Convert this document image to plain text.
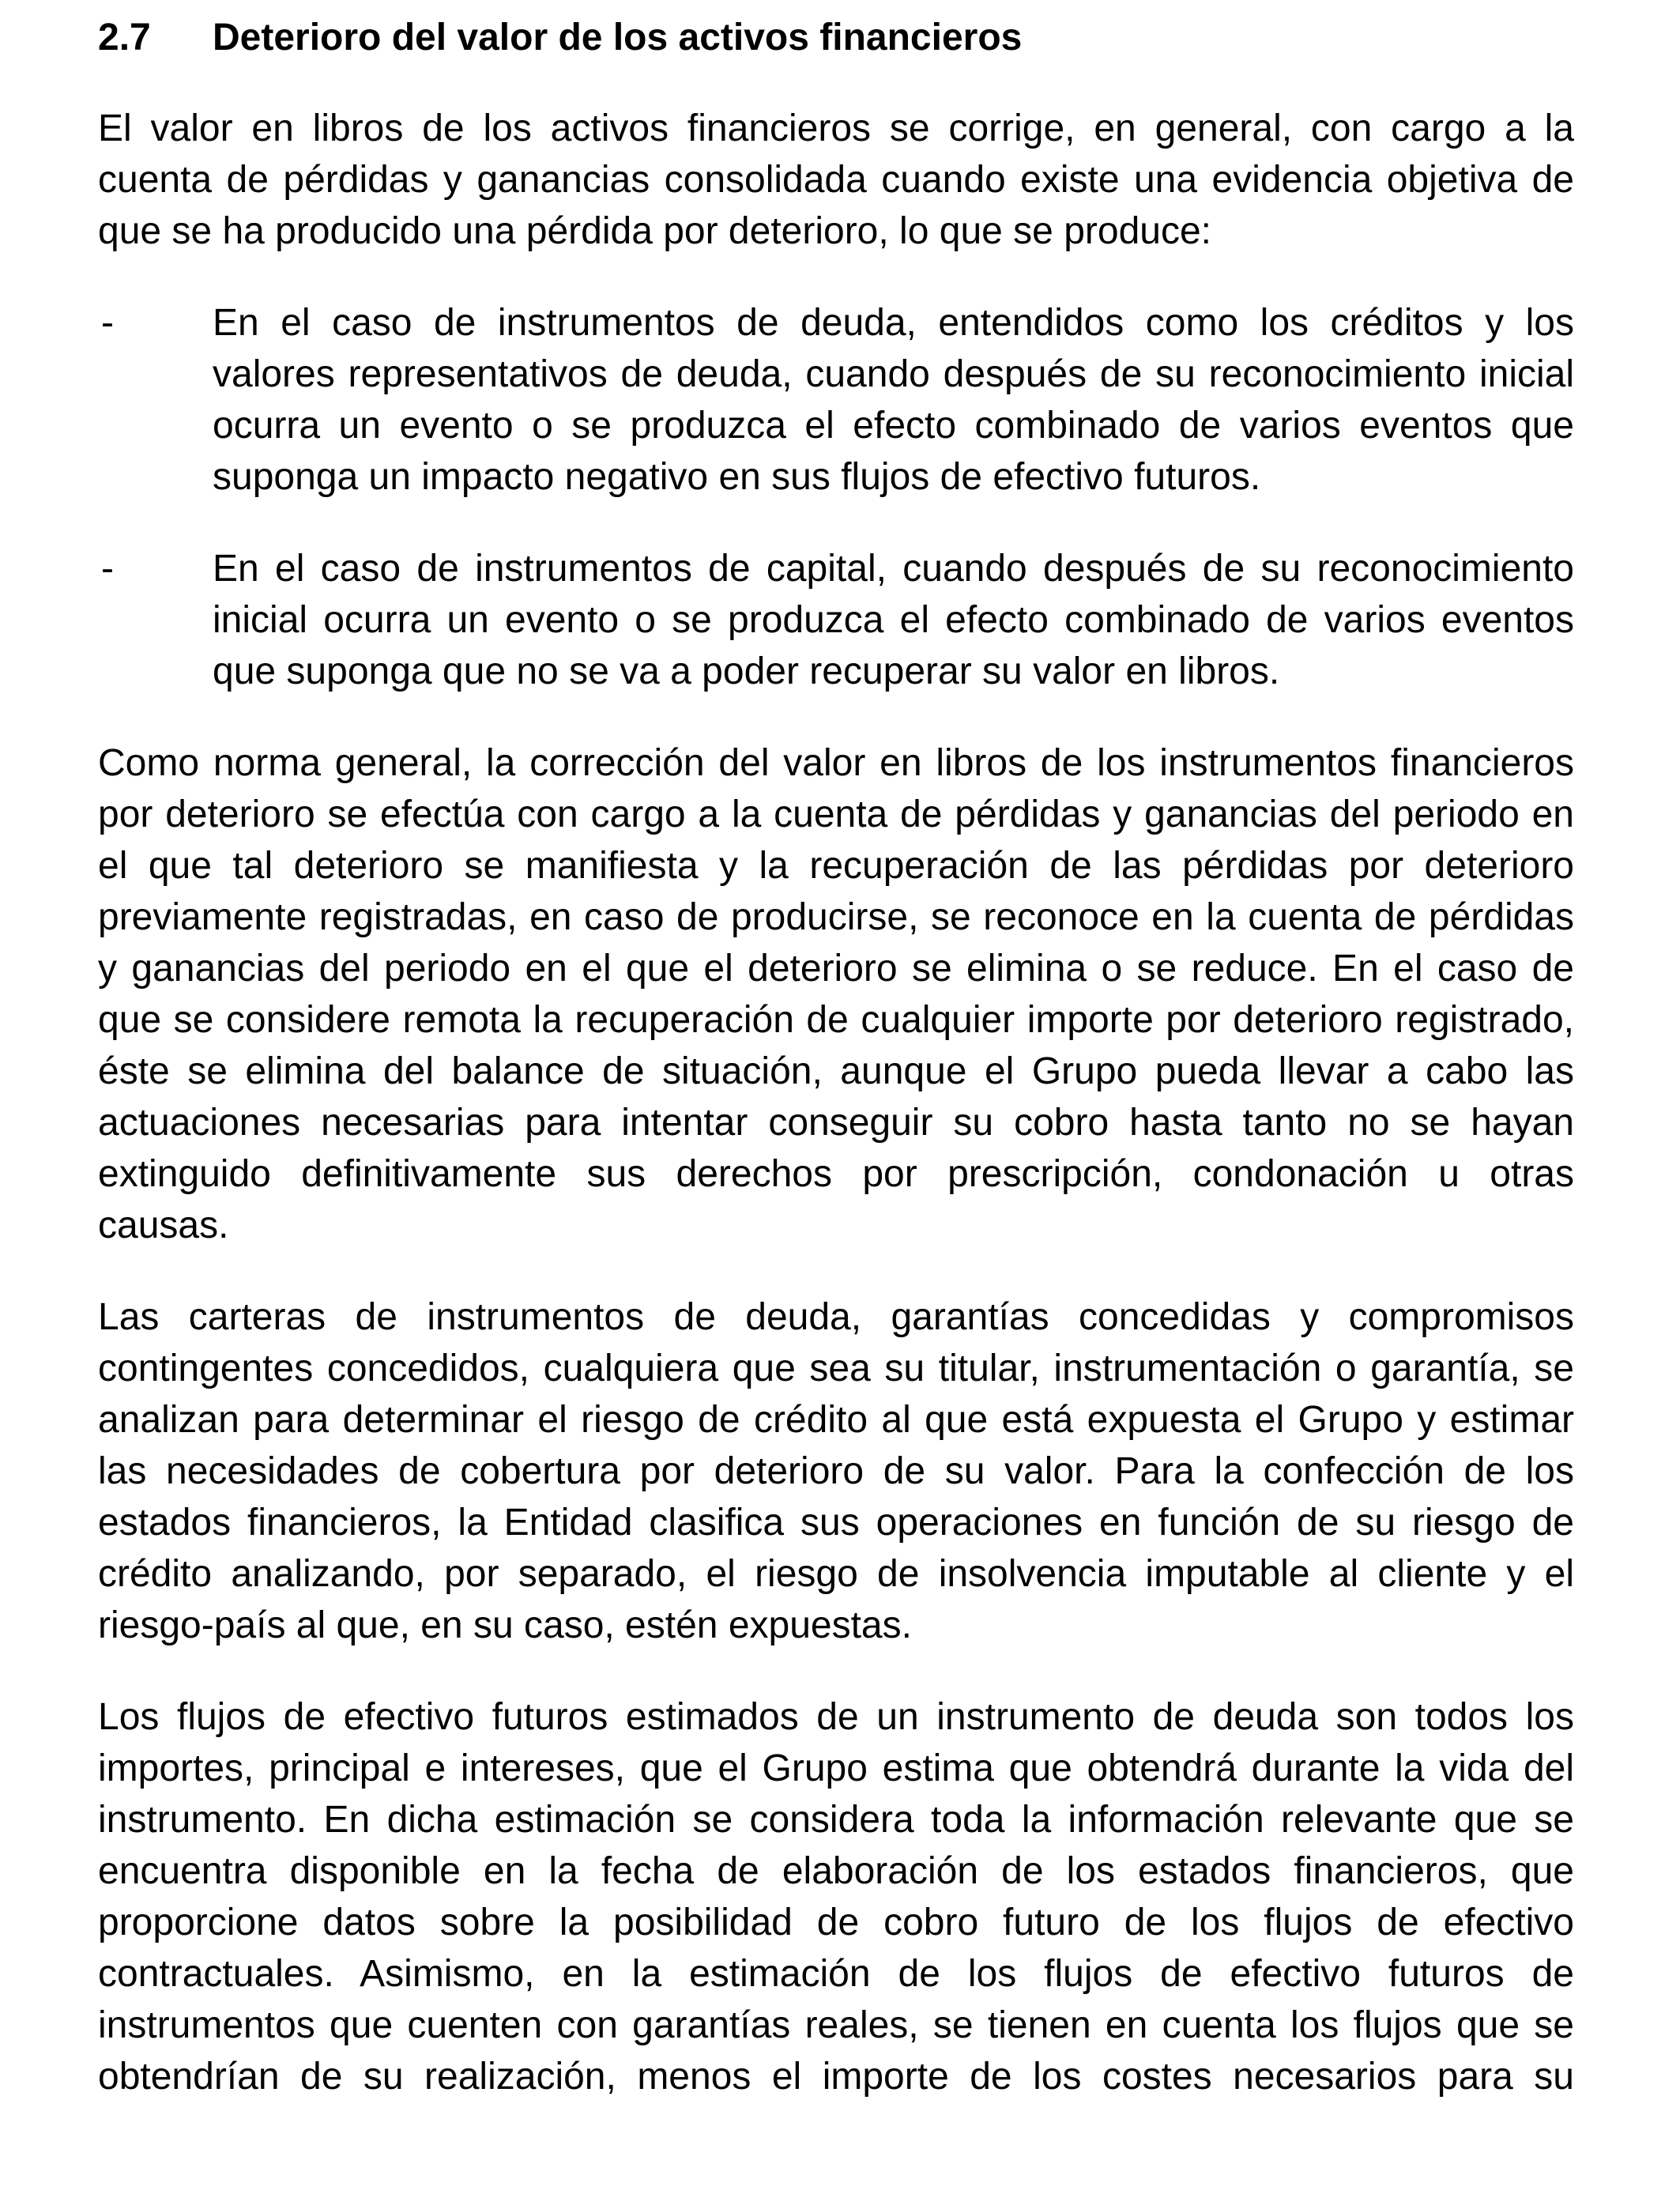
2.7	Deterioro del valor de los activos financieros
El valor en libros de los activos financieros se corrige, en general, con cargo a la
cuenta de pérdidas y ganancias consolidada cuando existe una evidencia objetiva de
que se ha producido una pérdida por deterioro, lo que se produce:
-	En el caso de instrumentos de deuda, entendidos como los créditos y los
valores representativos de deuda, cuando después de su reconocimiento inicial
ocurra un evento o se produzca el efecto combinado de varios eventos que
suponga un impacto negativo en sus flujos de efectivo futuros.
-	En el caso de instrumentos de capital, cuando después de su reconocimiento
inicial ocurra un evento o se produzca el efecto combinado de varios eventos
que suponga que no se va a poder recuperar su valor en libros.
Como norma general, la corrección del valor en libros de los instrumentos financieros
por deterioro se efectúa con cargo a la cuenta de pérdidas y ganancias del periodo en
el que tal deterioro se manifiesta y la recuperación de las pérdidas por deterioro
previamente registradas, en caso de producirse, se reconoce en la cuenta de pérdidas
y ganancias del periodo en el que el deterioro se elimina o se reduce. En el caso de
que se considere remota la recuperación de cualquier importe por deterioro registrado,
éste se elimina del balance de situación, aunque el Grupo pueda llevar a cabo las
actuaciones necesarias para intentar conseguir su cobro hasta tanto no se hayan
extinguido definitivamente sus derechos por prescripción, condonación u otras
causas.
Las carteras de instrumentos de deuda, garantías concedidas y compromisos
contingentes concedidos, cualquiera que sea su titular, instrumentación o garantía, se
analizan para determinar el riesgo de crédito al que está expuesta el Grupo y estimar
las necesidades de cobertura por deterioro de su valor. Para la confección de los
estados financieros, la Entidad clasifica sus operaciones en función de su riesgo de
crédito analizando, por separado, el riesgo de insolvencia imputable al cliente y el
riesgo-país al que, en su caso, estén expuestas.
Los flujos de efectivo futuros estimados de un instrumento de deuda son todos los
importes, principal e intereses, que el Grupo estima que obtendrá durante la vida del
instrumento. En dicha estimación se considera toda la información relevante que se
encuentra disponible en la fecha de elaboración de los estados financieros, que
proporcione datos sobre la posibilidad de cobro futuro de los flujos de efectivo
contractuales. Asimismo, en la estimación de los flujos de efectivo futuros de
instrumentos que cuenten con garantías reales, se tienen en cuenta los flujos que se
obtendrían de su realización, menos el importe de los costes necesarios para su
